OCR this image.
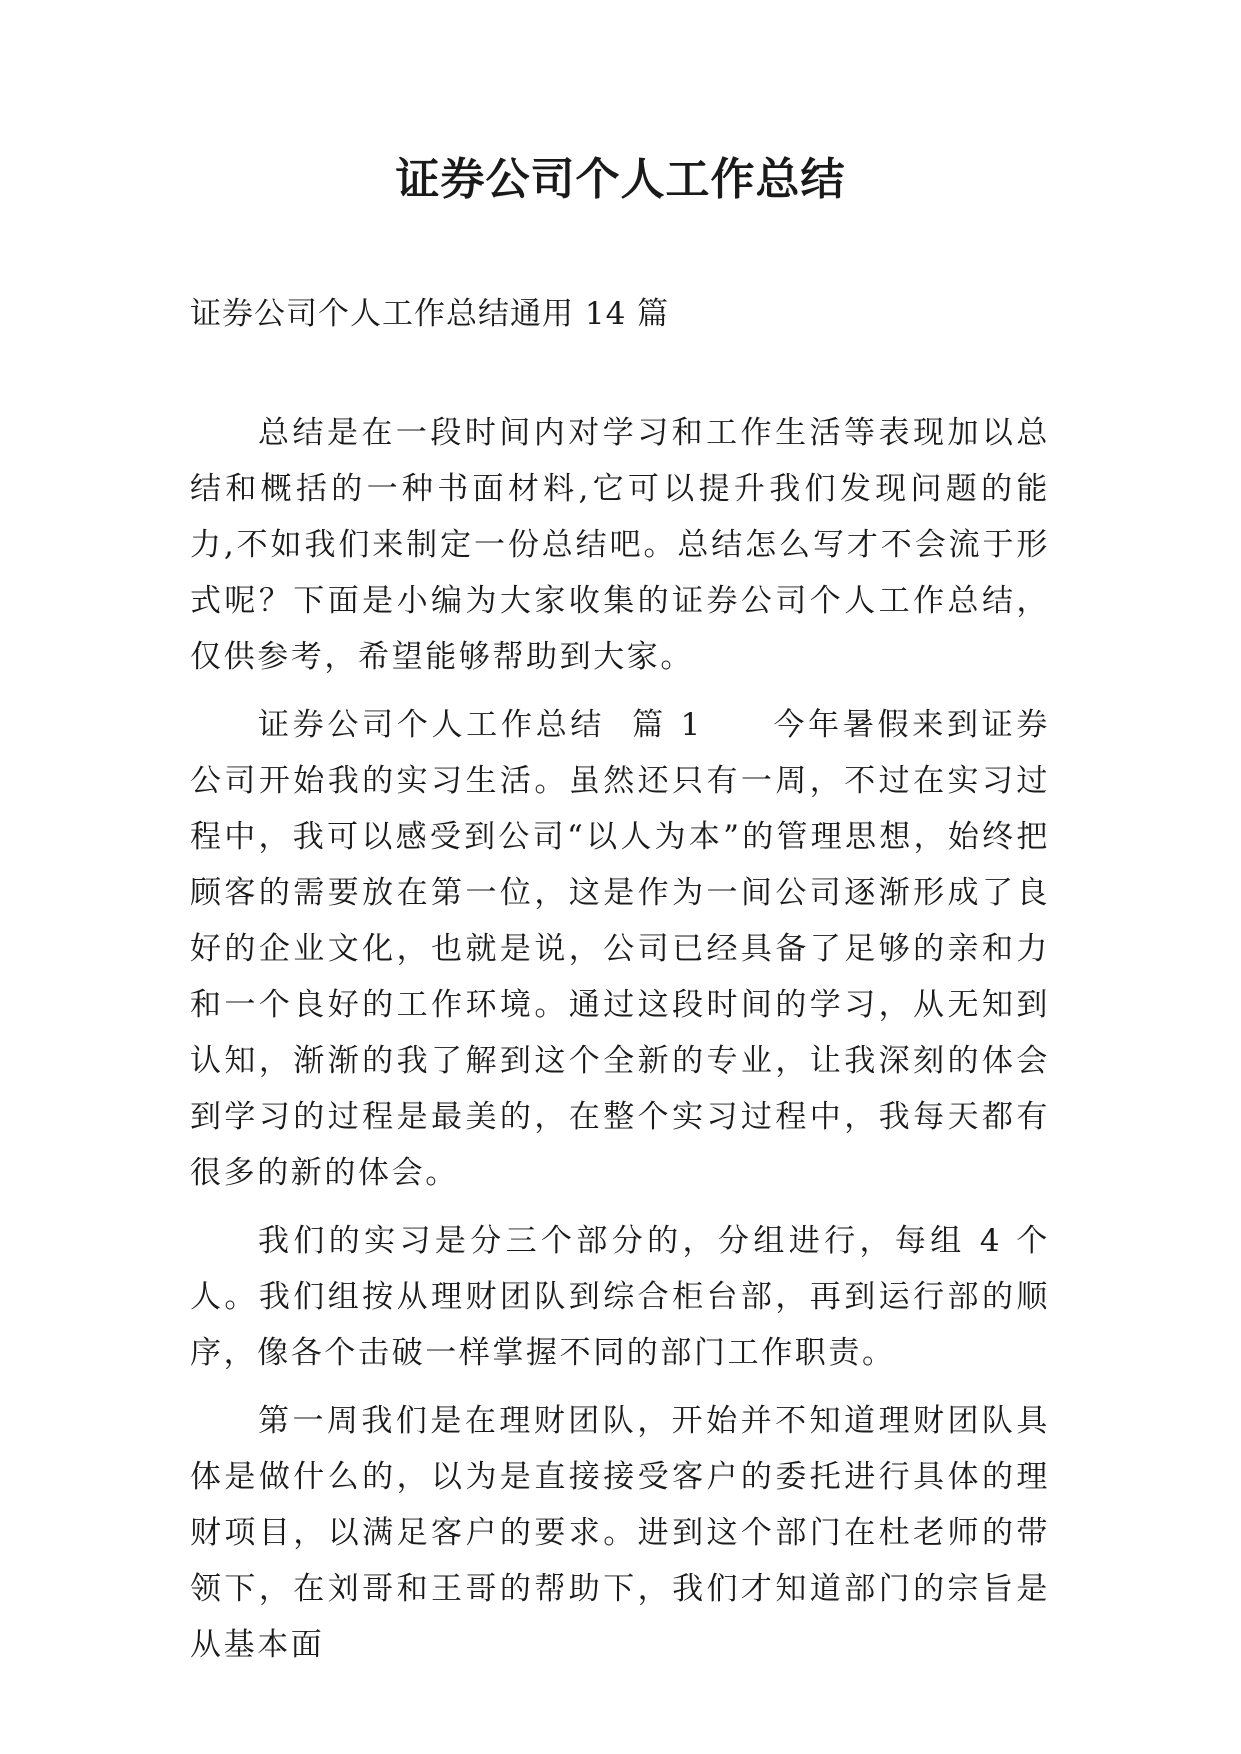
证券公司个人工作总结
证券公司个人工作总结通用 14 篇

总结是在一段时间内对学习和工作生活等表现加以总结和概括的一种书面材料,它可以提升我们发现问题的能力,不如我们来制定一份总结吧。总结怎么写才不会流于形式呢？下面是小编为大家收集的证券公司个人工作总结，仅供参考，希望能够帮助到大家。

证券公司个人工作总结  篇 1　　 今年暑假来到证券公司开始我的实习生活。虽然还只有一周，不过在实习过程中，我可以感受到公司“以人为本”的管理思想，始终把顾客的需要放在第一位，这是作为一间公司逐渐形成了良好的企业文化，也就是说，公司已经具备了足够的亲和力和一个良好的工作环境。通过这段时间的学习，从无知到认知，渐渐的我了解到这个全新的专业，让我深刻的体会到学习的过程是最美的，在整个实习过程中，我每天都有很多的新的体会。

我们的实习是分三个部分的，分组进行，每组 4 个人。我们组按从理财团队到综合柜台部，再到运行部的顺序，像各个击破一样掌握不同的部门工作职责。

第一周我们是在理财团队，开始并不知道理财团队具体是做什么的，以为是直接接受客户的委托进行具体的理财项目，以满足客户的要求。进到这个部门在杜老师的带领下，在刘哥和王哥的帮助下，我们才知道部门的宗旨是从基本面
